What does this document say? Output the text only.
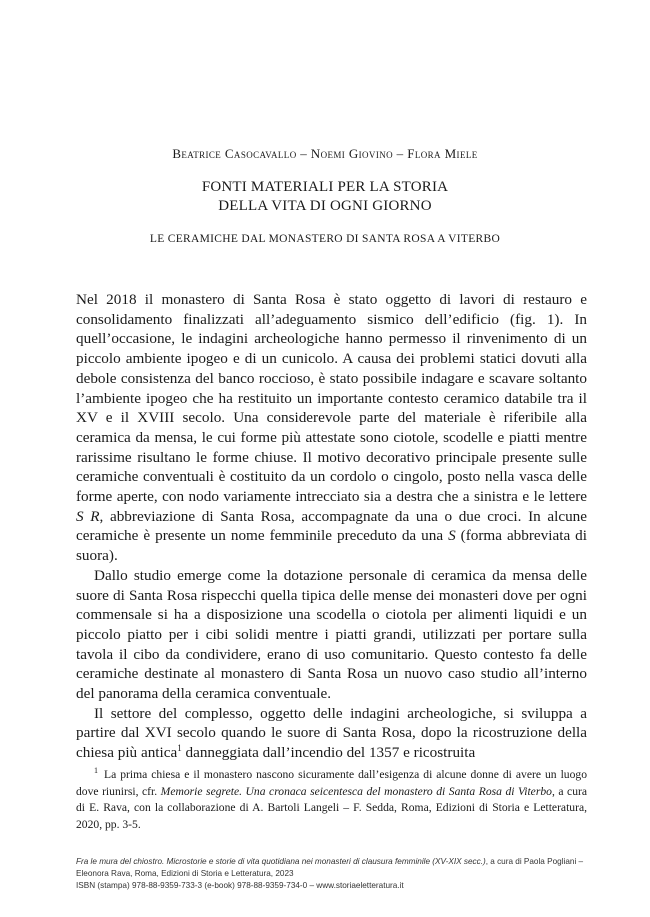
Beatrice Casocavallo – Noemi Giovino – Flora Miele
FONTI MATERIALI PER LA STORIA
DELLA VITA DI OGNI GIORNO
LE CERAMICHE DAL MONASTERO DI SANTA ROSA A VITERBO

Nel 2018 il monastero di Santa Rosa è stato oggetto di lavori di restauro e consolidamento finalizzati all’adeguamento sismico dell’edificio (fig. 1). In quell’occasione, le indagini archeologiche hanno permesso il rinvenimento di un piccolo ambiente ipogeo e di un cunicolo. A causa dei problemi statici dovuti alla debole consistenza del banco roccioso, è stato possibile indagare e scavare soltanto l’ambiente ipogeo che ha restituito un importante contesto ceramico databile tra il XV e il XVIII secolo. Una considerevole parte del materiale è riferibile alla ceramica da mensa, le cui forme più attestate sono ciotole, scodelle e piatti mentre rarissime risultano le forme chiuse. Il motivo decorativo principale presente sulle ceramiche conventuali è costituito da un cordolo o cingolo, posto nella vasca delle forme aperte, con nodo variamente intrecciato sia a destra che a sinistra e le lettere S R, abbreviazione di Santa Rosa, accompagnate da una o due croci. In alcune ceramiche è presente un nome femminile preceduto da una S (forma abbreviata di suora).

Dallo studio emerge come la dotazione personale di ceramica da mensa delle suore di Santa Rosa rispecchi quella tipica delle mense dei monasteri dove per ogni commensale si ha a disposizione una scodella o ciotola per alimenti liquidi e un piccolo piatto per i cibi solidi mentre i piatti grandi, utilizzati per portare sulla tavola il cibo da condividere, erano di uso comunitario. Questo contesto fa delle ceramiche destinate al monastero di Santa Rosa un nuovo caso studio all’interno del panorama della ceramica conventuale.

Il settore del complesso, oggetto delle indagini archeologiche, si sviluppa a partire dal XVI secolo quando le suore di Santa Rosa, dopo la ricostruzione della chiesa più antica$^1$ danneggiata dall’incendio del 1357 e ricostruita

$^1$ La prima chiesa e il monastero nascono sicuramente dall’esigenza di alcune donne di avere un luogo dove riunirsi, cfr. Memorie segrete. Una cronaca seicentesca del monastero di Santa Rosa di Viterbo, a cura di E. Rava, con la collaborazione di A. Bartoli Langeli – F. Sedda, Roma, Edizioni di Storia e Letteratura, 2020, pp. 3-5.
Fra le mura del chiostro. Microstorie e storie di vita quotidiana nei monasteri di clausura femminile (XV-XIX secc.), a cura di Paola Pogliani – Eleonora Rava, Roma, Edizioni di Storia e Letteratura, 2023
ISBN (stampa) 978-88-9359-733-3 (e-book) 978-88-9359-734-0 – www.storiaeletteratura.it
